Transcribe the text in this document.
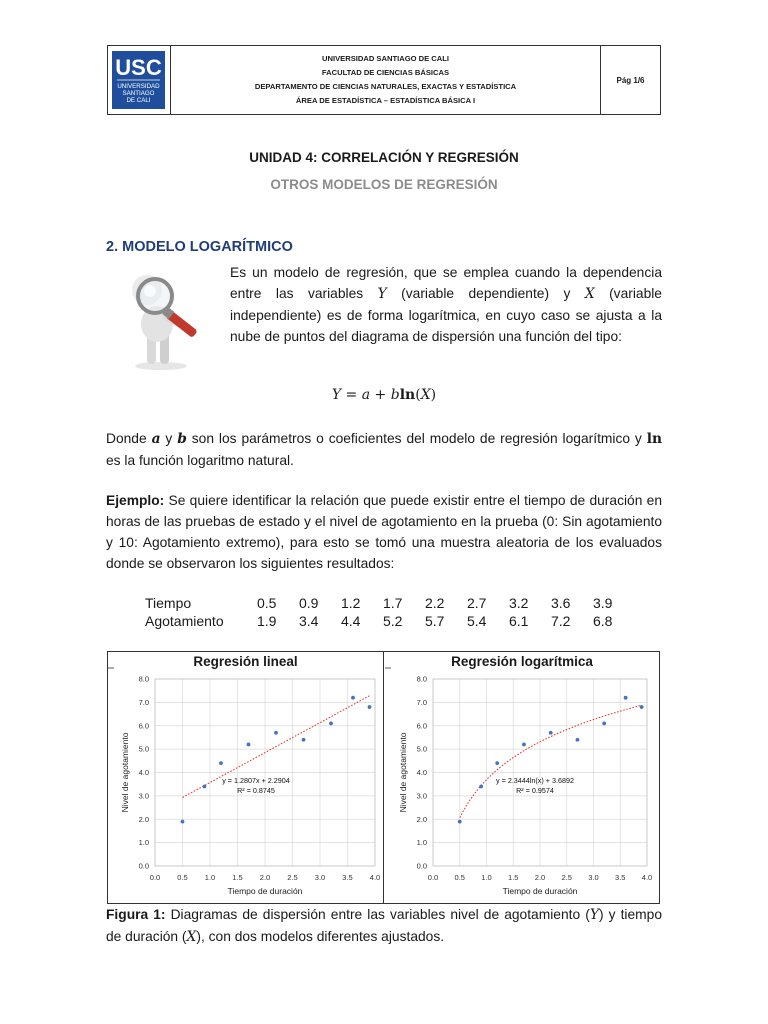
USC
UNIVERSIDAD
SANTIAGO
DE CALI
UNIVERSIDAD SANTIAGO DE CALI
FACULTAD DE CIENCIAS BÁSICAS
DEPARTAMENTO DE CIENCIAS NATURALES, EXACTAS Y ESTADÍSTICA
ÁREA DE ESTADÍSTICA – ESTADÍSTICA BÁSICA I
Pág 1/6
UNIDAD 4: CORRELACIÓN Y REGRESIÓN
OTROS MODELOS DE REGRESIÓN
2. MODELO LOGARÍTMICO
Es un modelo de regresión, que se emplea cuando la dependencia entre las variables Y (variable dependiente) y X (variable independiente) es de forma logarítmica, en cuyo caso se ajusta a la nube de puntos del diagrama de dispersión una función del tipo:
Y = a + bln(X)
Donde a y b son los parámetros o coeficientes del modelo de regresión logarítmico y ln es la función logaritmo natural.
Ejemplo: Se quiere identificar la relación que puede existir entre el tiempo de duración en horas de las pruebas de estado y el nivel de agotamiento en la prueba (0: Sin agotamiento y 10: Agotamiento extremo), para esto se tomó una muestra aleatoria de los evaluados donde se observaron los siguientes resultados:
Tiempo	0.5	0.9	1.2	1.7	2.2	2.7	3.2	3.6	3.9
Agotamiento	1.9	3.4	4.4	5.2	5.7	5.4	6.1	7.2	6.8
Regresión lineal
0.0
1.0
2.0
3.0
4.0
5.0
6.0
7.0
8.0
0.0 0.5 1.0 1.5 2.0 2.5 3.0 3.5 4.0
Tiempo de duración
Nivel de agotamiento	y = 1.2807x + 2.2904
R² = 0.8745
Regresión logarítmica
0.0
1.0
2.0
3.0
4.0
5.0
6.0
7.0
8.0
0.0 0.5 1.0 1.5 2.0 2.5 3.0 3.5 4.0
Tiempo de duración
Nivel de agotamiento	y = 2.3444ln(x) + 3.6892
R² = 0.9574
Figura 1: Diagramas de dispersión entre las variables nivel de agotamiento (Y) y tiempo de duración (X), con dos modelos diferentes ajustados.
